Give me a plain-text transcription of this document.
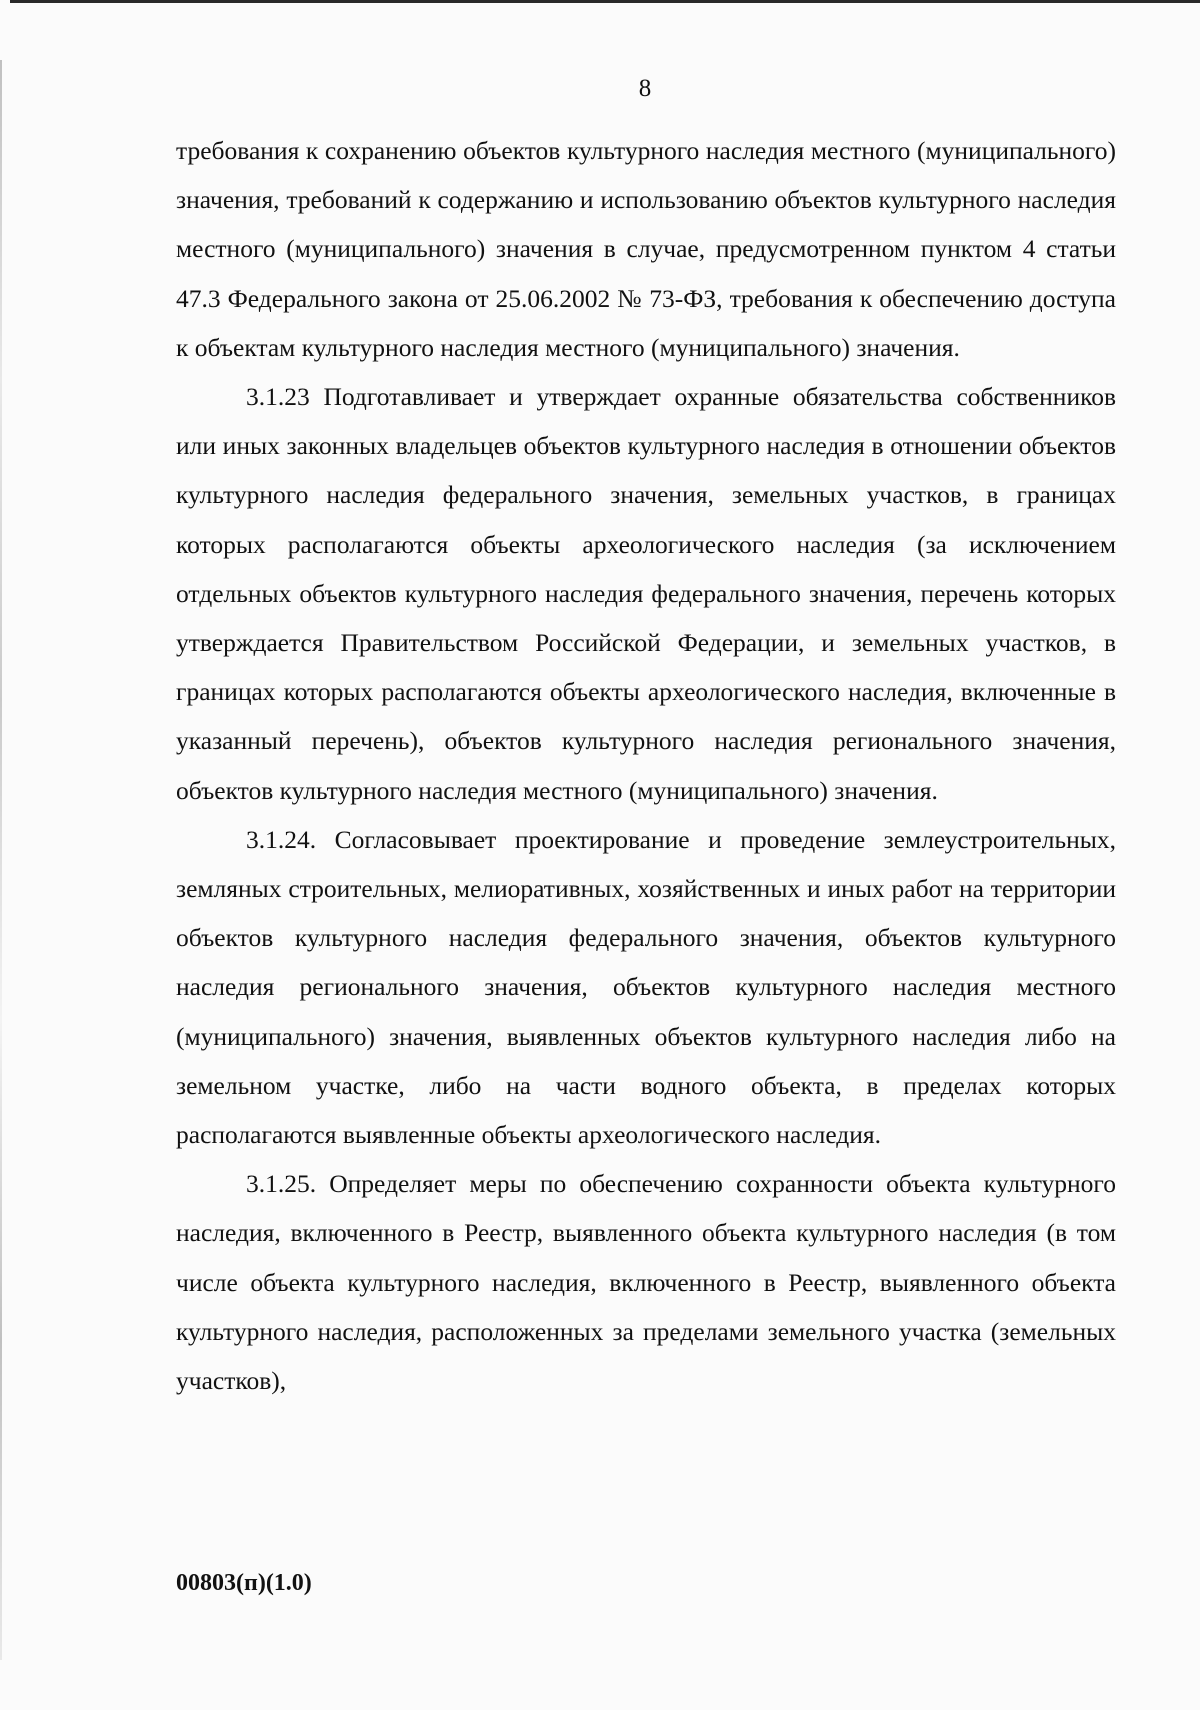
8

требования к сохранению объектов культурного наследия местного (муниципального) значения, требований к содержанию и использованию объектов культурного наследия местного (муниципального) значения в случае, предусмотренном пунктом 4 статьи 47.3 Федерального закона от 25.06.2002 № 73-ФЗ, требования к обеспечению доступа к объектам культурного наследия местного (муниципального) значения.

3.1.23 Подготавливает и утверждает охранные обязательства собственников или иных законных владельцев объектов культурного наследия в отношении объектов культурного наследия федерального значения, земельных участков, в границах которых располагаются объекты археологического наследия (за исключением отдельных объектов культурного наследия федерального значения, перечень которых утверждается Правительством Российской Федерации, и земельных участков, в границах которых располагаются объекты археологического наследия, включенные в указанный перечень), объектов культурного наследия регионального значения, объектов культурного наследия местного (муниципального) значения.

3.1.24. Согласовывает проектирование и проведение землеустроительных, земляных строительных, мелиоративных, хозяйственных и иных работ на территории объектов культурного наследия федерального значения, объектов культурного наследия регионального значения, объектов культурного наследия местного (муниципального) значения, выявленных объектов культурного наследия либо на земельном участке, либо на части водного объекта, в пределах которых располагаются выявленные объекты археологического наследия.

3.1.25. Определяет меры по обеспечению сохранности объекта культурного наследия, включенного в Реестр, выявленного объекта культурного наследия (в том числе объекта культурного наследия, включенного в Реестр, выявленного объекта культурного наследия, расположенных за пределами земельного участка (земельных участков),

00803(п)(1.0)
